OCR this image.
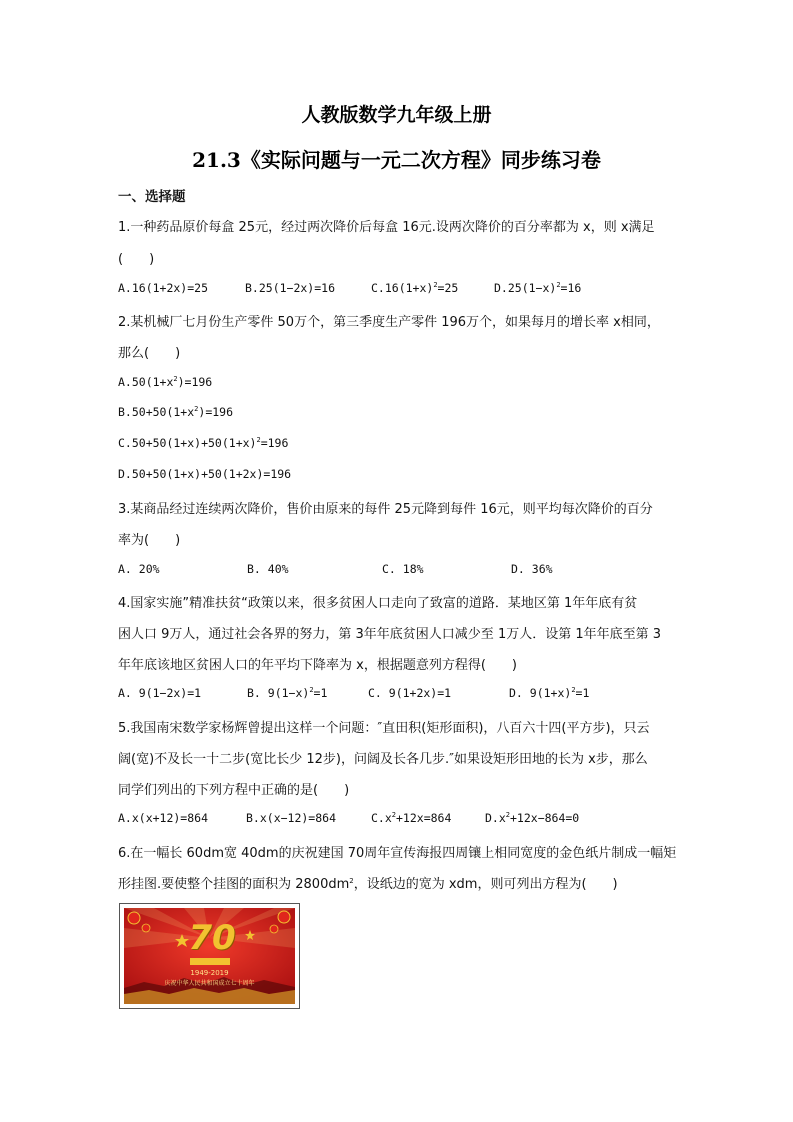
人教版数学九年级上册
21.3《实际问题与一元二次方程》同步练习卷
一、选择题
1.一种药品原价每盒 25元，经过两次降价后每盒 16元.设两次降价的百分率都为 x，则 x满足
(　　)
A.16(1+2x)=25	B.25(1−2x)=16	$C.16(1+x)^2=25$	$D.25(1-x)^2=16$
2.某机械厂七月份生产零件 50万个，第三季度生产零件 196万个，如果每月的增长率 x相同，
那么(　　)
$A.50(1+x^2)=196$
$B.50+50(1+x^2)=196$
$C.50+50(1+x)+50(1+x)^2=196$
D.50+50(1+x)+50(1+2x)=196
3.某商品经过连续两次降价，售价由原来的每件 25元降到每件 16元，则平均每次降价的百分
率为(　　)
A. 20%	B. 40%	C. 18%	D. 36%
4.国家实施”精准扶贫“政策以来，很多贫困人口走向了致富的道路．某地区第 1年年底有贫
困人口 9万人，通过社会各界的努力，第 3年年底贫困人口减少至 1万人．设第 1年年底至第 3
年年底该地区贫困人口的年平均下降率为 x，根据题意列方程得(　　)
A. 9(1−2x)=1	B. $9(1-x)^2=1$	C. 9(1+2x)=1	D. $9(1+x)^2=1$
5.我国南宋数学家杨辉曾提出这样一个问题：″直田积(矩形面积)，八百六十四(平方步)，只云
阔(宽)不及长一十二步(宽比长少 12步)，问阔及长各几步.″如果设矩形田地的长为 x步，那么
同学们列出的下列方程中正确的是(　　)
A.x(x+12)=864	B.x(x−12)=864	$C.x^2+12x=864$	$D.x^2+12x-864=0$
6.在一幅长 60dm宽 40dm的庆祝建国 70周年宣传海报四周镶上相同宽度的金色纸片制成一幅矩
形挂图.要使整个挂图的面积为 $2800dm^2$，设纸边的宽为 xdm，则可列出方程为(　　)
70
1949-2019
庆祝中华人民共和国成立七十周年
